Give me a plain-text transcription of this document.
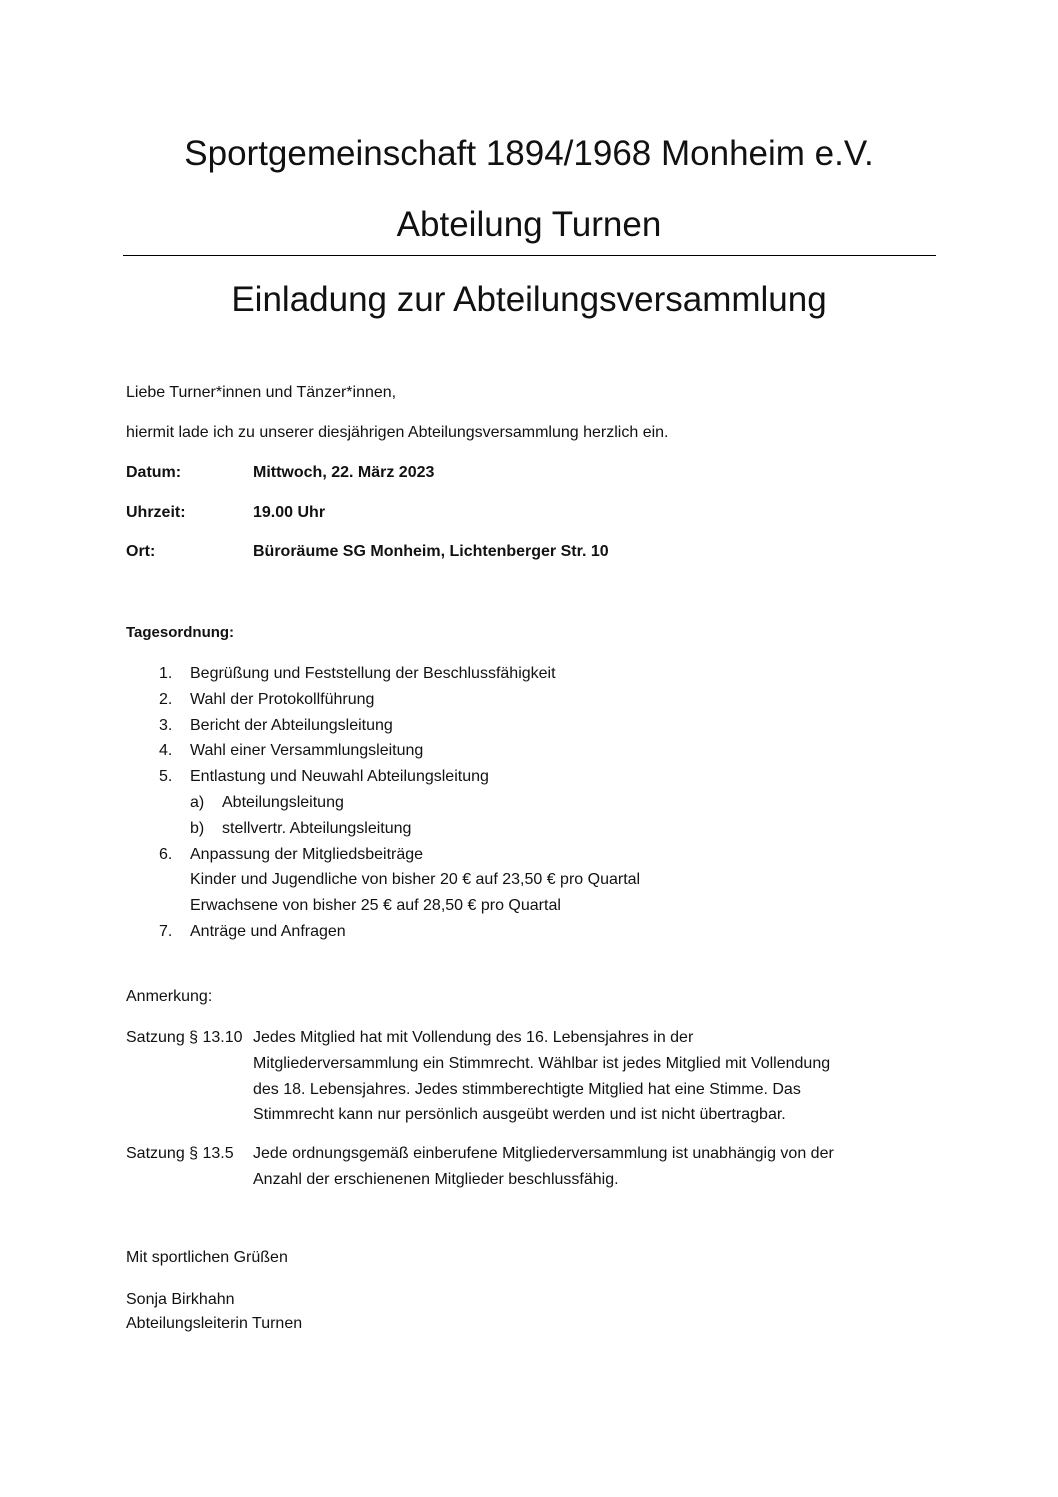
Sportgemeinschaft 1894/1968 Monheim e.V.
Abteilung Turnen
Einladung zur Abteilungsversammlung
Liebe Turner*innen und Tänzer*innen,
hiermit lade ich zu unserer diesjährigen Abteilungsversammlung herzlich ein.
Datum:	Mittwoch, 22. März 2023
Uhrzeit:	19.00 Uhr
Ort:	Büroräume SG Monheim, Lichtenberger Str. 10
Tagesordnung:
1.	Begrüßung und Feststellung der Beschlussfähigkeit
2.	Wahl der Protokollführung
3.	Bericht der Abteilungsleitung
4.	Wahl einer Versammlungsleitung
5.	Entlastung und Neuwahl Abteilungsleitung
a)	Abteilungsleitung
b)	stellvertr. Abteilungsleitung
6.	Anpassung der Mitgliedsbeiträge
Kinder und Jugendliche von bisher 20 € auf 23,50 € pro Quartal
Erwachsene von bisher 25 € auf 28,50 € pro Quartal
7.	Anträge und Anfragen
Anmerkung:
Satzung § 13.10 Jedes Mitglied hat mit Vollendung des 16. Lebensjahres in der
Mitgliederversammlung ein Stimmrecht. Wählbar ist jedes Mitglied mit Vollendung
des 18. Lebensjahres. Jedes stimmberechtigte Mitglied hat eine Stimme. Das
Stimmrecht kann nur persönlich ausgeübt werden und ist nicht übertragbar.
Satzung § 13.5 Jede ordnungsgemäß einberufene Mitgliederversammlung ist unabhängig von der
Anzahl der erschienenen Mitglieder beschlussfähig.
Mit sportlichen Grüßen
Sonja Birkhahn
Abteilungsleiterin Turnen
